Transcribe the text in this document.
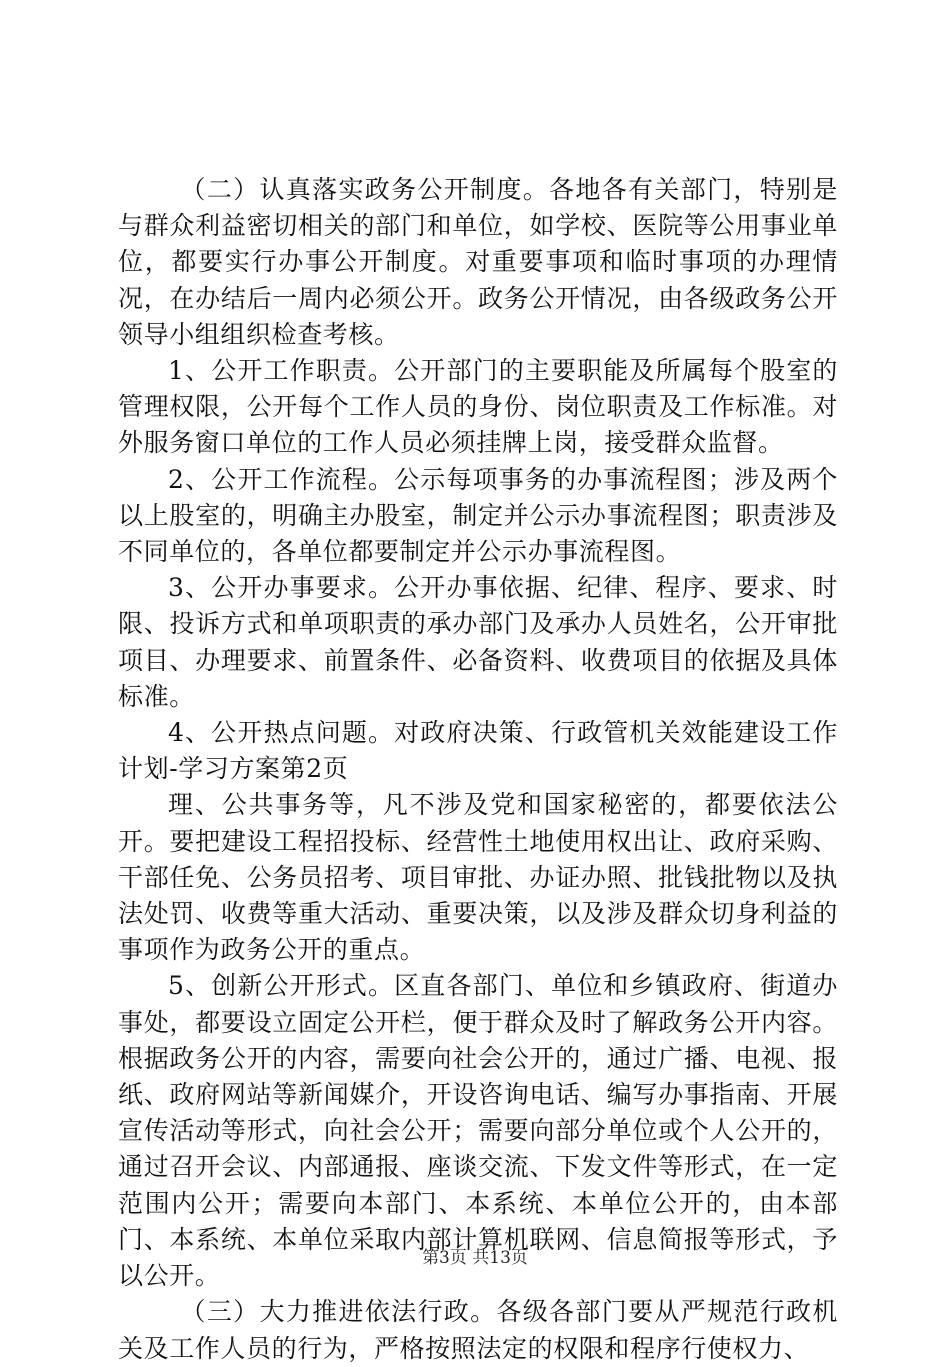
（二）认真落实政务公开制度。各地各有关部门，特别是与群众利益密切相关的部门和单位，如学校、医院等公用事业单位，都要实行办事公开制度。对重要事项和临时事项的办理情况，在办结后一周内必须公开。政务公开情况，由各级政务公开领导小组组织检查考核。

1、公开工作职责。公开部门的主要职能及所属每个股室的管理权限，公开每个工作人员的身份、岗位职责及工作标准。对外服务窗口单位的工作人员必须挂牌上岗，接受群众监督。

2、公开工作流程。公示每项事务的办事流程图；涉及两个以上股室的，明确主办股室，制定并公示办事流程图；职责涉及不同单位的，各单位都要制定并公示办事流程图。

3、公开办事要求。公开办事依据、纪律、程序、要求、时限、投诉方式和单项职责的承办部门及承办人员姓名，公开审批项目、办理要求、前置条件、必备资料、收费项目的依据及具体标准。

4、公开热点问题。对政府决策、行政管机关效能建设工作计划-学习方案第2页

理、公共事务等，凡不涉及党和国家秘密的，都要依法公开。要把建设工程招投标、经营性土地使用权出让、政府采购、干部任免、公务员招考、项目审批、办证办照、批钱批物以及执法处罚、收费等重大活动、重要决策，以及涉及群众切身利益的事项作为政务公开的重点。

5、创新公开形式。区直各部门、单位和乡镇政府、街道办事处，都要设立固定公开栏，便于群众及时了解政务公开内容。根据政务公开的内容，需要向社会公开的，通过广播、电视、报纸、政府网站等新闻媒介，开设咨询电话、编写办事指南、开展宣传活动等形式，向社会公开；需要向部分单位或个人公开的，通过召开会议、内部通报、座谈交流、下发文件等形式，在一定范围内公开；需要向本部门、本系统、本单位公开的，由本部门、本系统、本单位采取内部计算机联网、信息简报等形式，予以公开。

（三）大力推进依法行政。各级各部门要从严规范行政机关及工作人员的行为，严格按照法定的权限和程序行使权力、

第3页 共13页
